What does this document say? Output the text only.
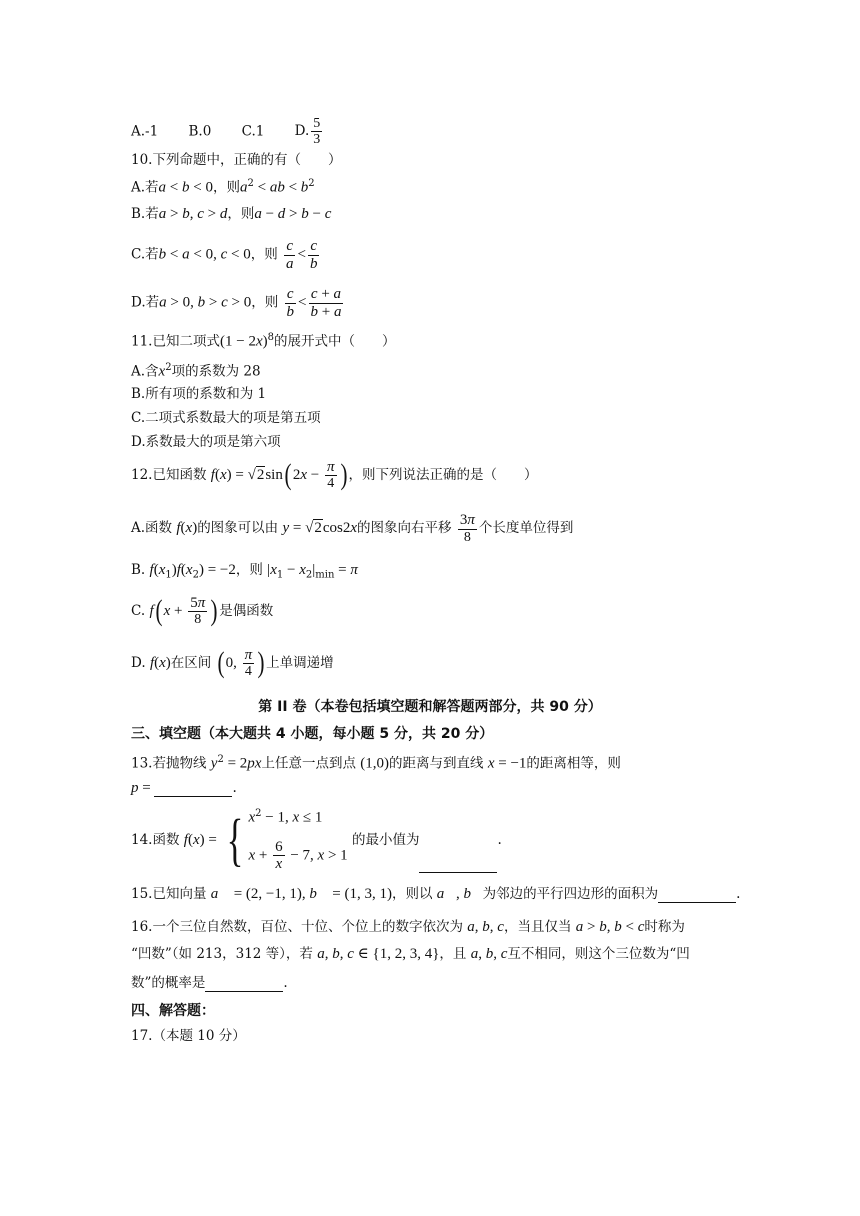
A.-1 B.0 C.1 D. $\frac{5}{3}$
10.下列命题中，正确的有（　　）
A.若a < b < 0，则$a^2$ < ab < $b^2$
B.若a > b, c > d，则a − d > b − c
C.若b < a < 0, c < 0，则 $\frac{c}{a} < \frac{c}{b}$
D.若a > 0, b > c > 0，则 $\frac{c}{b} < \frac{c + a}{b + a}$
11.已知二项式$(1 - 2x)^8$的展开式中（　　）
A.含$x^2$项的系数为 28
B.所有项的系数和为 1
C.二项式系数最大的项是第五项
D.系数最大的项是第六项
12.已知函数 f(x) = √2sin( $2x - \frac{\pi}{4}$ ) ，则下列说法正确的是（　　）
A.函数 f(x)的图象可以由 y = √2cos2x的图象向右平移 $\frac{3\pi}{8}$ 个长度单位得到
B. $f(x_1)f(x_2) = -2$，则 $|x_1 - x_2|_{min} = \pi$
C. f( $x + \frac{5\pi}{8}$ ) 是偶函数
D. f(x)在区间 ( 0, $\frac{\pi}{4}$ ) 上单调递增
第 II 卷（本卷包括填空题和解答题两部分，共 90 分）
三、填空题（本大题共 4 小题，每小题 5 分，共 20 分）
13.若抛物线 $y^2 = 2px$上任意一点到点 (1,0)的距离与到直线 x = −1的距离相等，则
p =	.
14.函数 f(x) = { $x^2 - 1$, x ≤ 1
$x + \frac{6}{x} - 7$, x > 1
的最小值为	.
15.已知向量 a⃗ = (2, −1, 1), b⃗ = (1, 3, 1)，则以 a⃗, b⃗为邻边的平行四边形的面积为	.
16.一个三位自然数，百位、十位、个位上的数字依次为 a, b, c，当且仅当 a > b, b < c时称为
“凹数”（如 213，312 等），若 a, b, c ∈ {1, 2, 3, 4}，且 a, b, c互不相同，则这个三位数为“凹
数”的概率是	.
四、解答题：
17.（本题 10 分）
